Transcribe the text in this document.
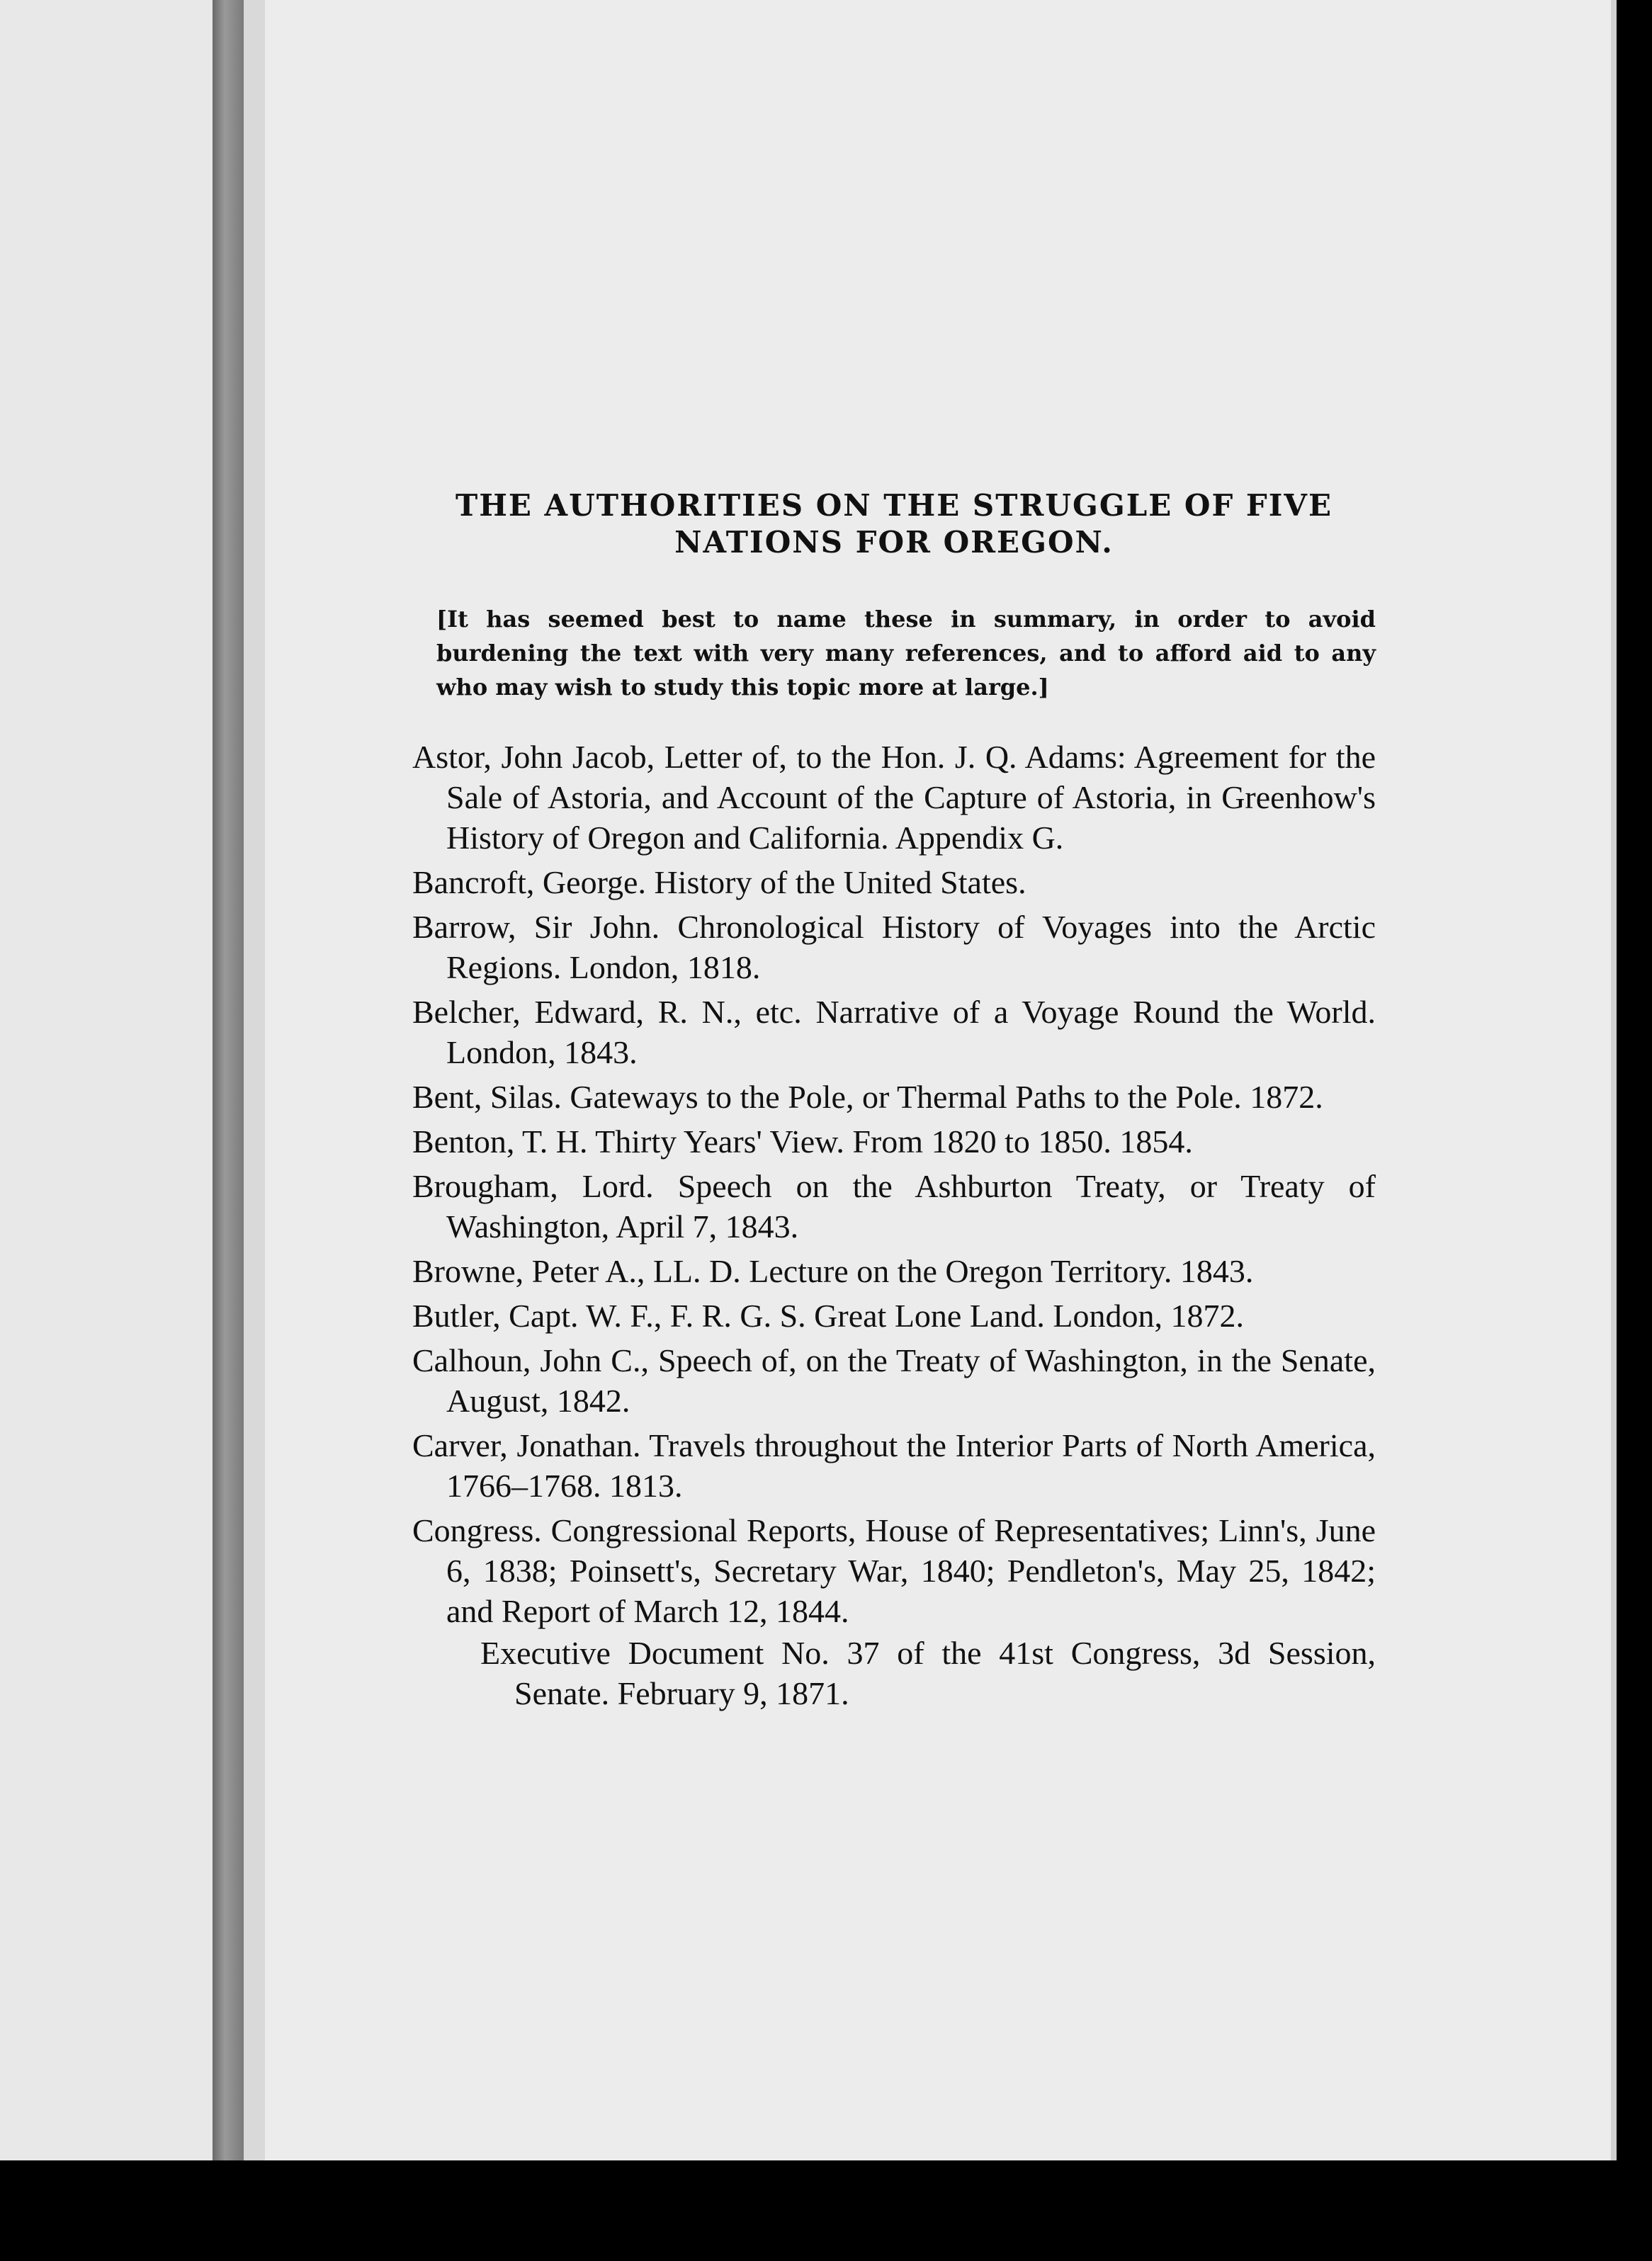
THE AUTHORITIES ON THE STRUGGLE OF FIVE
NATIONS FOR OREGON.

[It has seemed best to name these in summary, in order to avoid burdening the text with very many references, and to afford aid to any who may wish to study this topic more at large.]

Astor, John Jacob, Letter of, to the Hon. J. Q. Adams: Agreement for the Sale of Astoria, and Account of the Capture of Astoria, in Greenhow's History of Oregon and California. Appendix G.
Bancroft, George. History of the United States.
Barrow, Sir John. Chronological History of Voyages into the Arctic Regions. London, 1818.
Belcher, Edward, R. N., etc. Narrative of a Voyage Round the World. London, 1843.
Bent, Silas. Gateways to the Pole, or Thermal Paths to the Pole. 1872.
Benton, T. H. Thirty Years' View. From 1820 to 1850. 1854.
Brougham, Lord. Speech on the Ashburton Treaty, or Treaty of Washington, April 7, 1843.
Browne, Peter A., LL. D. Lecture on the Oregon Territory. 1843.
Butler, Capt. W. F., F. R. G. S. Great Lone Land. London, 1872.
Calhoun, John C., Speech of, on the Treaty of Washington, in the Senate, August, 1842.
Carver, Jonathan. Travels throughout the Interior Parts of North America, 1766–1768. 1813.
Congress. Congressional Reports, House of Representatives; Linn's, June 6, 1838; Poinsett's, Secretary War, 1840; Pendleton's, May 25, 1842; and Report of March 12, 1844.
Executive Document No. 37 of the 41st Congress, 3d Session, Senate. February 9, 1871.
